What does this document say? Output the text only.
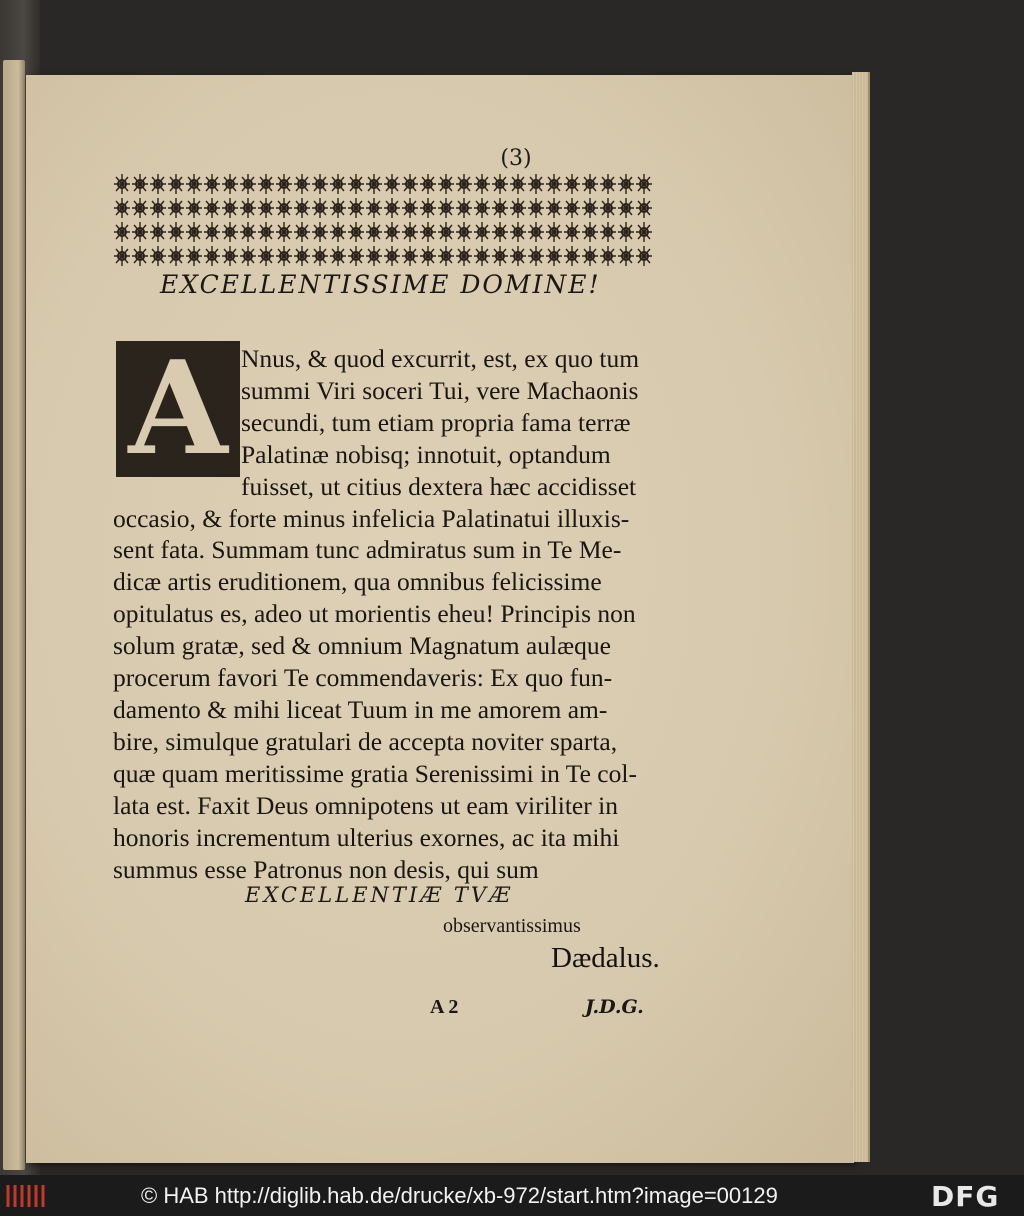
(3)
EXCELLENTISSIME DOMINE!
A Nnus, & quod excurrit, est, ex quo tum
summi Viri soceri Tui, vere Machaonis
secundi, tum etiam propria fama terræ
Palatinæ nobisq; innotuit, optandum
fuisset, ut citius dextera hæc accidisset
occasio, & forte minus infelicia Palatinatui illuxis-
sent fata. Summam tunc admiratus sum in Te Me-
dicæ artis eruditionem, qua omnibus felicissime
opitulatus es, adeo ut morientis eheu! Principis non
solum gratæ, sed & omnium Magnatum aulæque
procerum favori Te commendaveris: Ex quo fun-
damento & mihi liceat Tuum in me amorem am-
bire, simulque gratulari de accepta noviter sparta,
quæ quam meritissime gratia Serenissimi in Te col-
lata est. Faxit Deus omnipotens ut eam viriliter in
honoris incrementum ulterius exornes, ac ita mihi
summus esse Patronus non desis, qui sum
EXCELLENTIÆ TVÆ
observantissimus
Dædalus.
A 2	J.D.G.
© HAB http://diglib.hab.de/drucke/xb-972/start.htm?image=00129	DFG
